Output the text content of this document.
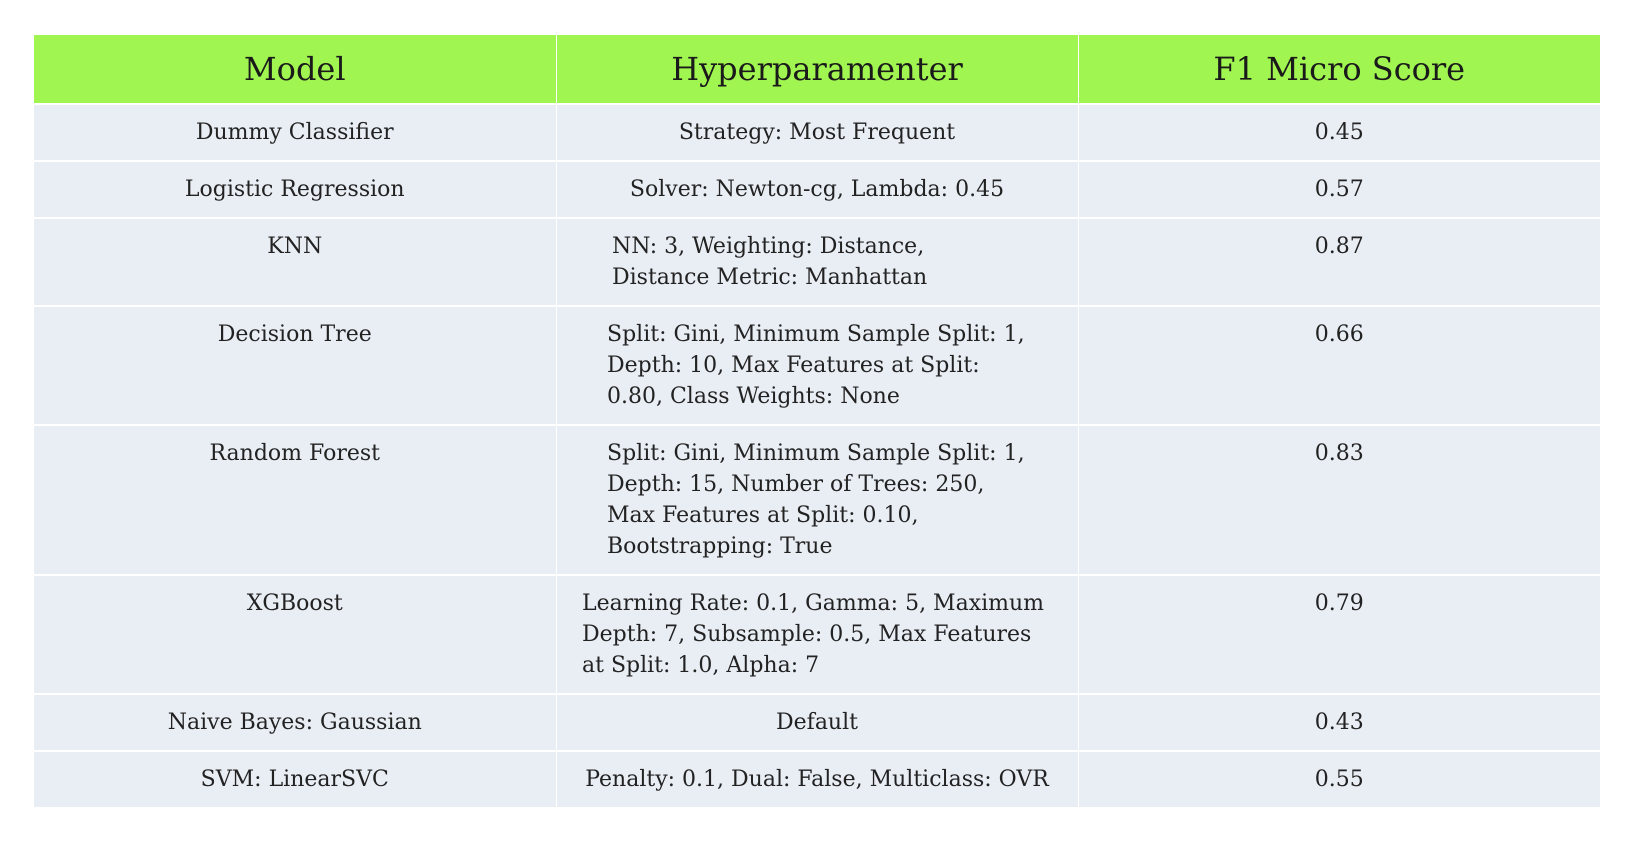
Model	Hyperparamenter	F1 Micro Score
Dummy Classifier	Strategy: Most Frequent	0.45
Logistic Regression	Solver: Newton-cg, Lambda: 0.45	0.57
KNN	NN: 3, Weighting: Distance, Distance Metric: Manhattan	0.87
Decision Tree	Split: Gini, Minimum Sample Split: 1, Depth: 10, Max Features at Split: 0.80, Class Weights: None	0.66
Random Forest	Split: Gini, Minimum Sample Split: 1, Depth: 15, Number of Trees: 250, Max Features at Split: 0.10, Bootstrapping: True	0.83
XGBoost	Learning Rate: 0.1, Gamma: 5, Maximum Depth: 7, Subsample: 0.5, Max Features at Split: 1.0, Alpha: 7	0.79
Naive Bayes: Gaussian	Default	0.43
SVM: LinearSVC	Penalty: 0.1, Dual: False, Multiclass: OVR	0.55
